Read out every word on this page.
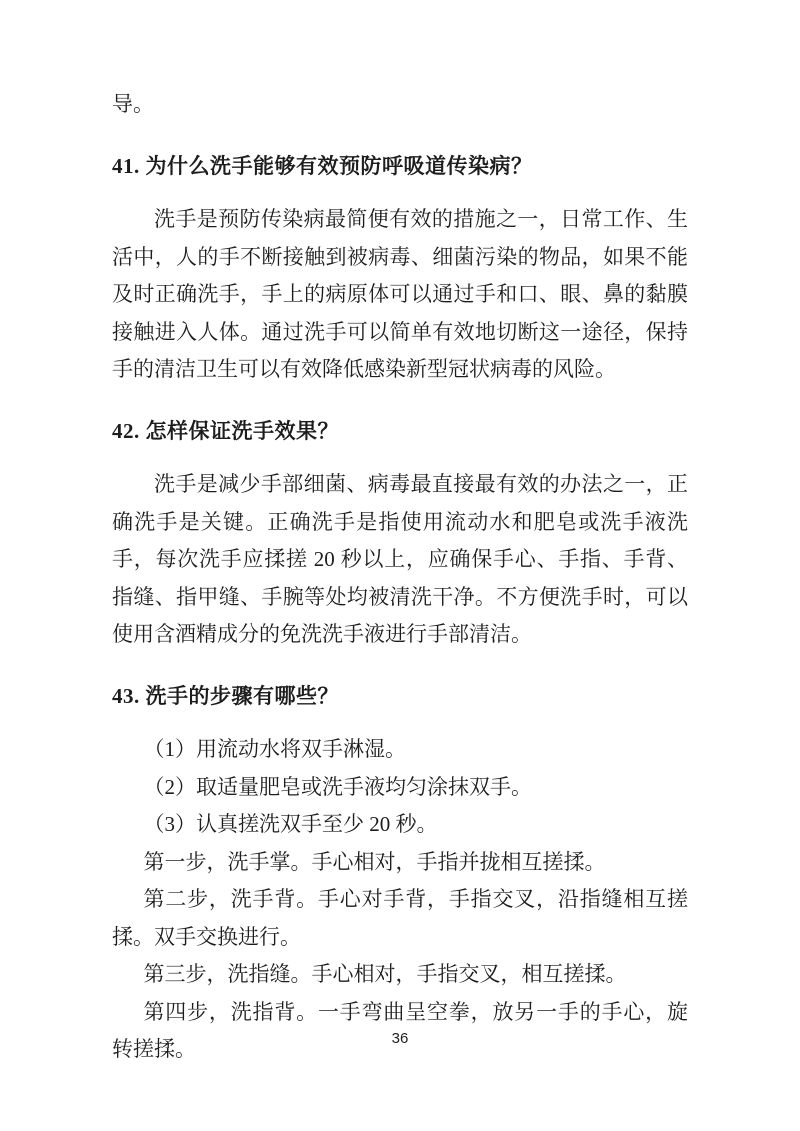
导。

41. 为什么洗手能够有效预防呼吸道传染病？

洗手是预防传染病最简便有效的措施之一，日常工作、生活中，人的手不断接触到被病毒、细菌污染的物品，如果不能及时正确洗手，手上的病原体可以通过手和口、眼、鼻的黏膜接触进入人体。通过洗手可以简单有效地切断这一途径，保持手的清洁卫生可以有效降低感染新型冠状病毒的风险。

42. 怎样保证洗手效果？

洗手是减少手部细菌、病毒最直接最有效的办法之一，正确洗手是关键。正确洗手是指使用流动水和肥皂或洗手液洗手，每次洗手应揉搓 20 秒以上，应确保手心、手指、手背、指缝、指甲缝、手腕等处均被清洗干净。不方便洗手时，可以使用含酒精成分的免洗洗手液进行手部清洁。

43. 洗手的步骤有哪些？

（1）用流动水将双手淋湿。

（2）取适量肥皂或洗手液均匀涂抹双手。

（3）认真搓洗双手至少 20 秒。

第一步，洗手掌。手心相对，手指并拢相互搓揉。

第二步，洗手背。手心对手背，手指交叉，沿指缝相互搓揉。双手交换进行。

第三步，洗指缝。手心相对，手指交叉，相互搓揉。

第四步，洗指背。一手弯曲呈空拳，放另一手的手心，旋转搓揉。	36
